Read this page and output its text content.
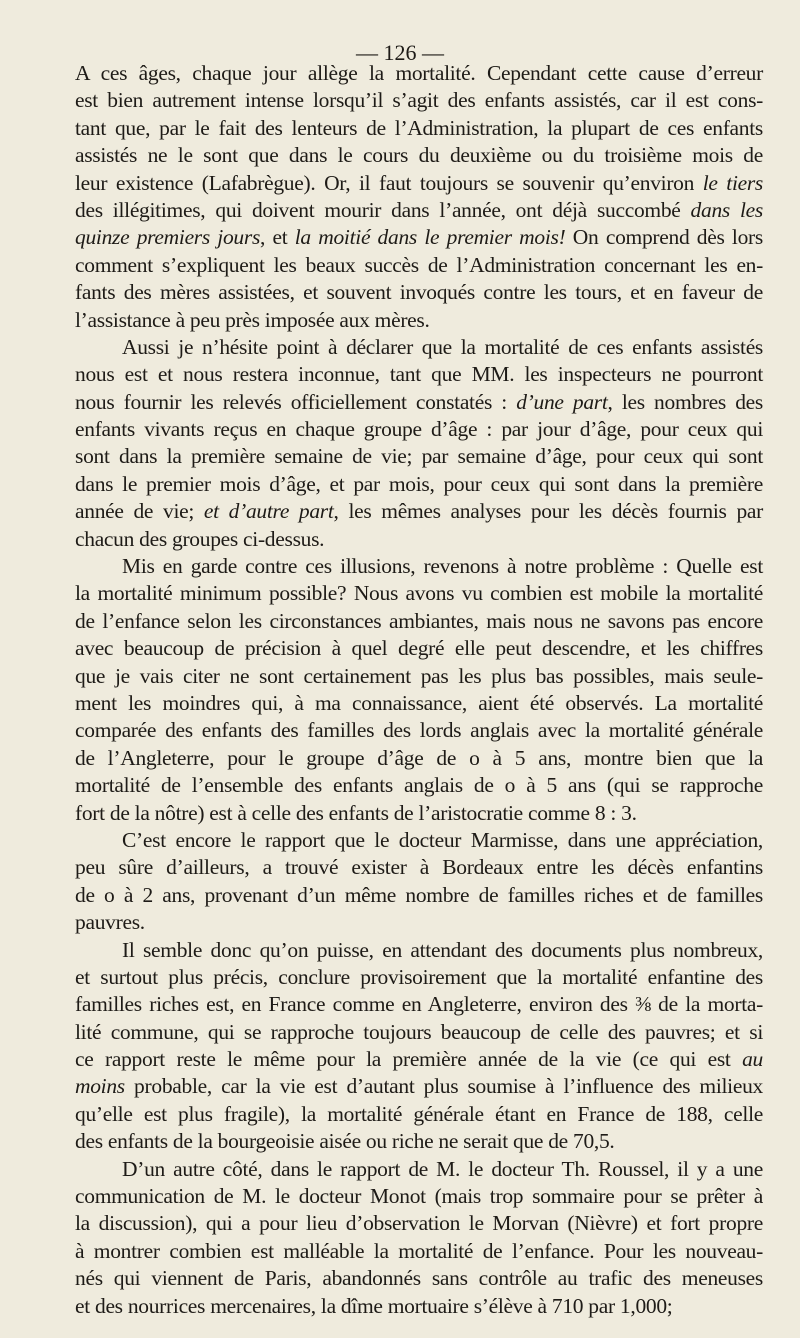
— 126 —
A ces âges, chaque jour allège la mortalité. Cependant cette cause d’erreur
est bien autrement intense lorsqu’il s’agit des enfants assistés, car il est cons-
tant que, par le fait des lenteurs de l’Administration, la plupart de ces enfants
assistés ne le sont que dans le cours du deuxième ou du troisième mois de
leur existence (Lafabrègue). Or, il faut toujours se souvenir qu’environ le tiers
des illégitimes, qui doivent mourir dans l’année, ont déjà succombé dans les
quinze premiers jours, et la moitié dans le premier mois! On comprend dès lors
comment s’expliquent les beaux succès de l’Administration concernant les en-
fants des mères assistées, et souvent invoqués contre les tours, et en faveur de
l’assistance à peu près imposée aux mères.
Aussi je n’hésite point à déclarer que la mortalité de ces enfants assistés
nous est et nous restera inconnue, tant que MM. les inspecteurs ne pourront
nous fournir les relevés officiellement constatés : d’une part, les nombres des
enfants vivants reçus en chaque groupe d’âge : par jour d’âge, pour ceux qui
sont dans la première semaine de vie; par semaine d’âge, pour ceux qui sont
dans le premier mois d’âge, et par mois, pour ceux qui sont dans la première
année de vie; et d’autre part, les mêmes analyses pour les décès fournis par
chacun des groupes ci-dessus.
Mis en garde contre ces illusions, revenons à notre problème : Quelle est
la mortalité minimum possible? Nous avons vu combien est mobile la mortalité
de l’enfance selon les circonstances ambiantes, mais nous ne savons pas encore
avec beaucoup de précision à quel degré elle peut descendre, et les chiffres
que je vais citer ne sont certainement pas les plus bas possibles, mais seule-
ment les moindres qui, à ma connaissance, aient été observés. La mortalité
comparée des enfants des familles des lords anglais avec la mortalité générale
de l’Angleterre, pour le groupe d’âge de o à 5 ans, montre bien que la
mortalité de l’ensemble des enfants anglais de o à 5 ans (qui se rapproche
fort de la nôtre) est à celle des enfants de l’aristocratie comme 8 : 3.
C’est encore le rapport que le docteur Marmisse, dans une appréciation,
peu sûre d’ailleurs, a trouvé exister à Bordeaux entre les décès enfantins
de o à 2 ans, provenant d’un même nombre de familles riches et de familles
pauvres.
Il semble donc qu’on puisse, en attendant des documents plus nombreux,
et surtout plus précis, conclure provisoirement que la mortalité enfantine des
familles riches est, en France comme en Angleterre, environ des ⅜ de la morta-
lité commune, qui se rapproche toujours beaucoup de celle des pauvres; et si
ce rapport reste le même pour la première année de la vie (ce qui est au
moins probable, car la vie est d’autant plus soumise à l’influence des milieux
qu’elle est plus fragile), la mortalité générale étant en France de 188, celle
des enfants de la bourgeoisie aisée ou riche ne serait que de 70,5.
D’un autre côté, dans le rapport de M. le docteur Th. Roussel, il y a une
communication de M. le docteur Monot (mais trop sommaire pour se prêter à
la discussion), qui a pour lieu d’observation le Morvan (Nièvre) et fort propre
à montrer combien est malléable la mortalité de l’enfance. Pour les nouveau-
nés qui viennent de Paris, abandonnés sans contrôle au trafic des meneuses
et des nourrices mercenaires, la dîme mortuaire s’élève à 710 par 1,000;
